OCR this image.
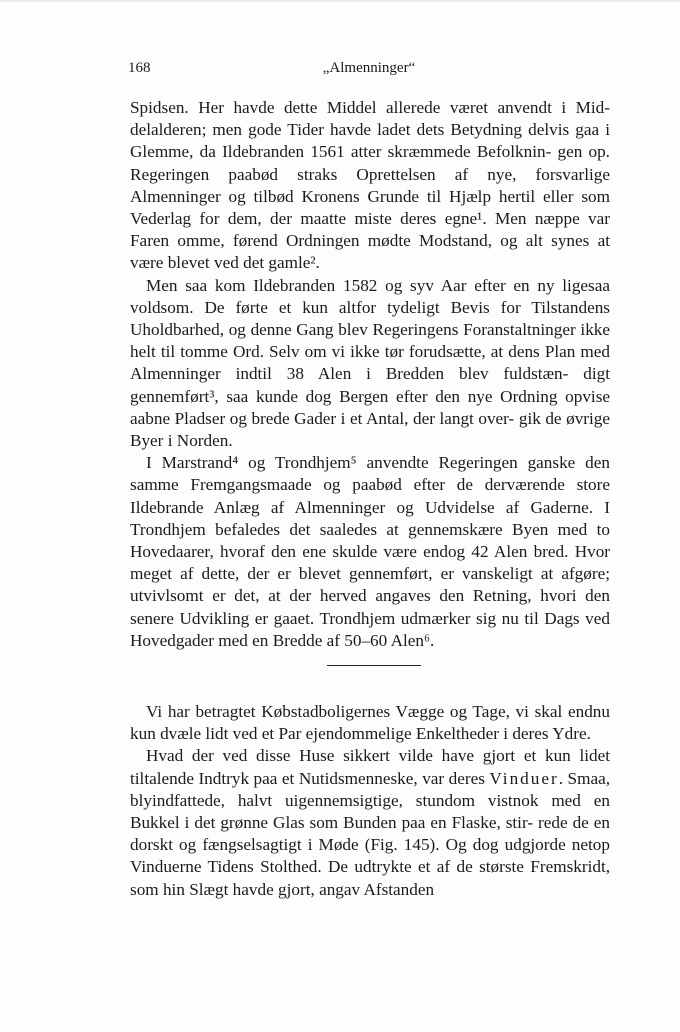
168	„Almenninger“

Spidsen. Her havde dette Middel allerede været anvendt i Mid- delalderen; men gode Tider havde ladet dets Betydning delvis gaa i Glemme, da Ildebranden 1561 atter skræmmede Befolknin- gen op. Regeringen paabød straks Oprettelsen af nye, forsvarlige Almenninger og tilbød Kronens Grunde til Hjælp hertil eller som Vederlag for dem, der maatte miste deres egne¹. Men næppe var Faren omme, førend Ordningen mødte Modstand, og alt synes at være blevet ved det gamle².

Men saa kom Ildebranden 1582 og syv Aar efter en ny ligesaa voldsom. De førte et kun altfor tydeligt Bevis for Tilstandens Uholdbarhed, og denne Gang blev Regeringens Foranstaltninger ikke helt til tomme Ord. Selv om vi ikke tør forudsætte, at dens Plan med Almenninger indtil 38 Alen i Bredden blev fuldstæn- digt gennemført³, saa kunde dog Bergen efter den nye Ordning opvise aabne Pladser og brede Gader i et Antal, der langt over- gik de øvrige Byer i Norden.

I Marstrand⁴ og Trondhjem⁵ anvendte Regeringen ganske den samme Fremgangsmaade og paabød efter de derværende store Ildebrande Anlæg af Almenninger og Udvidelse af Gaderne. I Trondhjem befaledes det saaledes at gennemskære Byen med to Hovedaarer, hvoraf den ene skulde være endog 42 Alen bred. Hvor meget af dette, der er blevet gennemført, er vanskeligt at afgøre; utvivlsomt er det, at der herved angaves den Retning, hvori den senere Udvikling er gaaet. Trondhjem udmærker sig nu til Dags ved Hovedgader med en Bredde af 50–60 Alen⁶.

Vi har betragtet Købstadboligernes Vægge og Tage, vi skal endnu kun dvæle lidt ved et Par ejendommelige Enkeltheder i deres Ydre.

Hvad der ved disse Huse sikkert vilde have gjort et kun lidet tiltalende Indtryk paa et Nutidsmenneske, var deres Vinduer. Smaa, blyindfattede, halvt uigennemsigtige, stundom vistnok med en Bukkel i det grønne Glas som Bunden paa en Flaske, stir- rede de en dorskt og fængselsagtigt i Møde (Fig. 145). Og dog udgjorde netop Vinduerne Tidens Stolthed. De udtrykte et af de største Fremskridt, som hin Slægt havde gjort, angav Afstanden
